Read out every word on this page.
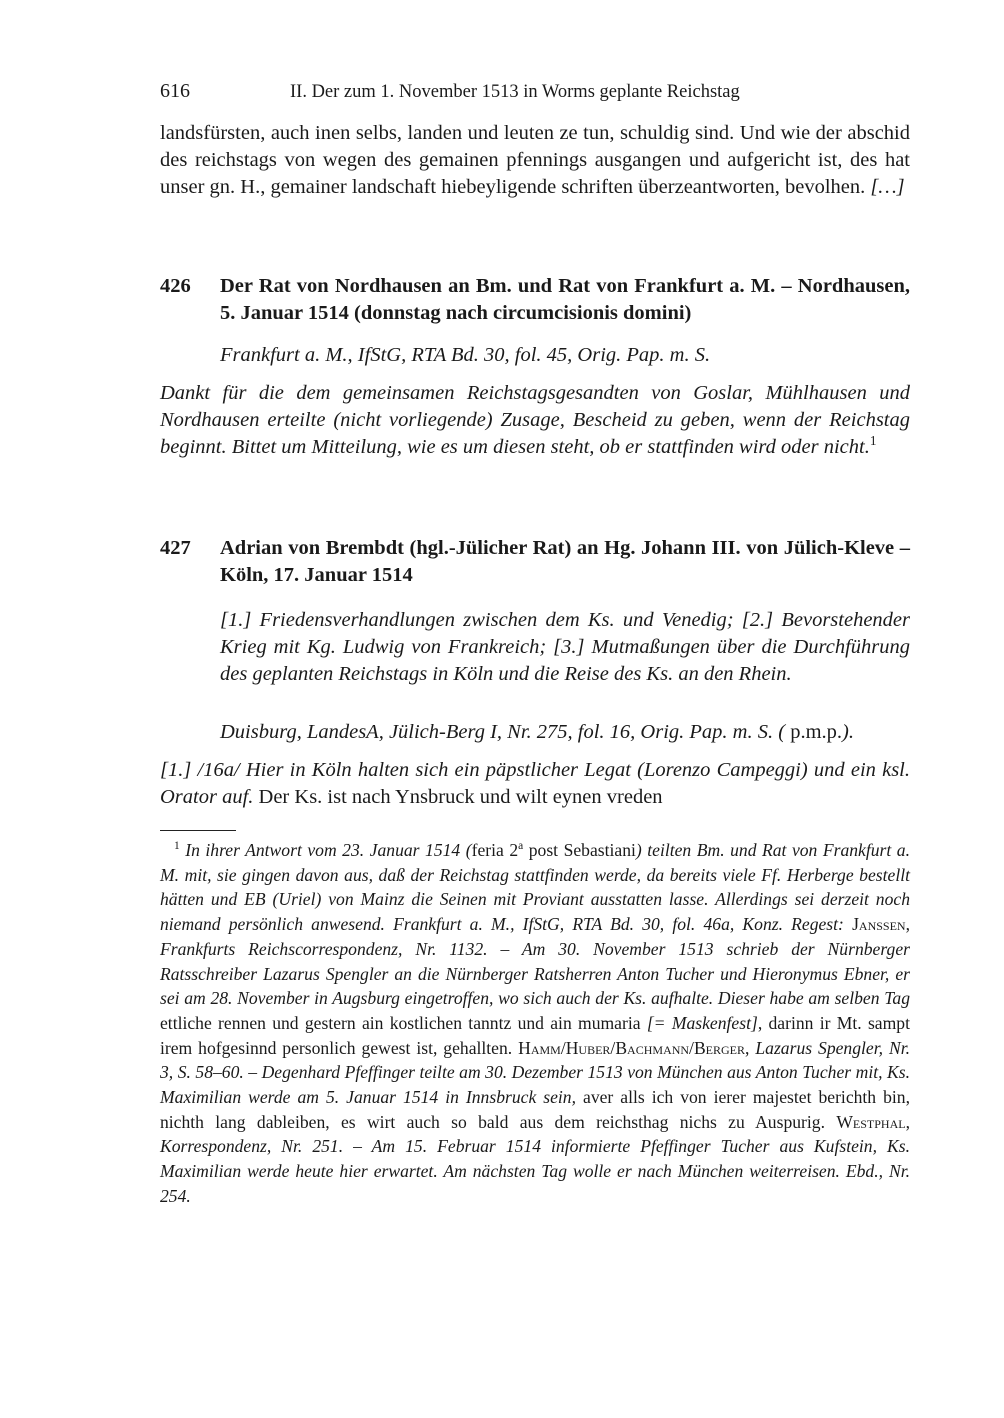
616	II. Der zum 1. November 1513 in Worms geplante Reichstag
landsfürsten, auch inen selbs, landen und leuten ze tun, schuldig sind. Und wie der abschid des reichstags von wegen des gemainen pfennings ausgangen und aufgericht ist, des hat unser gn. H., gemainer landschaft hiebeyligende schriften überzeantworten, bevolhen. […]
426 Der Rat von Nordhausen an Bm. und Rat von Frankfurt a. M. – Nordhausen, 5. Januar 1514 (donnstag nach circumcisionis domini)
Frankfurt a. M., IfStG, RTA Bd. 30, fol. 45, Orig. Pap. m. S.
Dankt für die dem gemeinsamen Reichstagsgesandten von Goslar, Mühlhausen und Nordhausen erteilte (nicht vorliegende) Zusage, Bescheid zu geben, wenn der Reichstag beginnt. Bittet um Mitteilung, wie es um diesen steht, ob er stattfinden wird oder nicht.$^1$
427 Adrian von Brembdt (hgl.-Jülicher Rat) an Hg. Johann III. von Jülich-Kleve – Köln, 17. Januar 1514
[1.] Friedensverhandlungen zwischen dem Ks. und Venedig; [2.] Bevorstehender Krieg mit Kg. Ludwig von Frankreich; [3.] Mutmaßungen über die Durchführung des geplanten Reichstags in Köln und die Reise des Ks. an den Rhein.
Duisburg, LandesA, Jülich-Berg I, Nr. 275, fol. 16, Orig. Pap. m. S. ( p.m.p.).
[1.] /16a/ Hier in Köln halten sich ein päpstlicher Legat (Lorenzo Campeggi) und ein ksl. Orator auf. Der Ks. ist nach Ynsbruck und wilt eynen vreden
$^1$ In ihrer Antwort vom 23. Januar 1514 (feria 2$^a$ post Sebastiani) teilten Bm. und Rat von Frankfurt a. M. mit, sie gingen davon aus, daß der Reichstag stattfinden werde, da bereits viele Ff. Herberge bestellt hätten und EB (Uriel) von Mainz die Seinen mit Proviant ausstatten lasse. Allerdings sei derzeit noch niemand persönlich anwesend. Frankfurt a. M., IfStG, RTA Bd. 30, fol. 46a, Konz. Regest: Janssen, Frankfurts Reichscorrespondenz, Nr. 1132. – Am 30. November 1513 schrieb der Nürnberger Ratsschreiber Lazarus Spengler an die Nürnberger Ratsherren Anton Tucher und Hieronymus Ebner, er sei am 28. November in Augsburg eingetroffen, wo sich auch der Ks. aufhalte. Dieser habe am selben Tag ettliche rennen und gestern ain kostlichen tanntz und ain mumaria [= Maskenfest], darinn ir Mt. sampt irem hofgesinnd personlich gewest ist, gehallten. Hamm/Huber/Bachmann/Berger, Lazarus Spengler, Nr. 3, S. 58–60. – Degenhard Pfeffinger teilte am 30. Dezember 1513 von München aus Anton Tucher mit, Ks. Maximilian werde am 5. Januar 1514 in Innsbruck sein, aver alls ich von ierer majestet berichth bin, nichth lang dableiben, es wirt auch so bald aus dem reichsthag nichs zu Auspurig. Westphal, Korrespondenz, Nr. 251. – Am 15. Februar 1514 informierte Pfeffinger Tucher aus Kufstein, Ks. Maximilian werde heute hier erwartet. Am nächsten Tag wolle er nach München weiterreisen. Ebd., Nr. 254.
